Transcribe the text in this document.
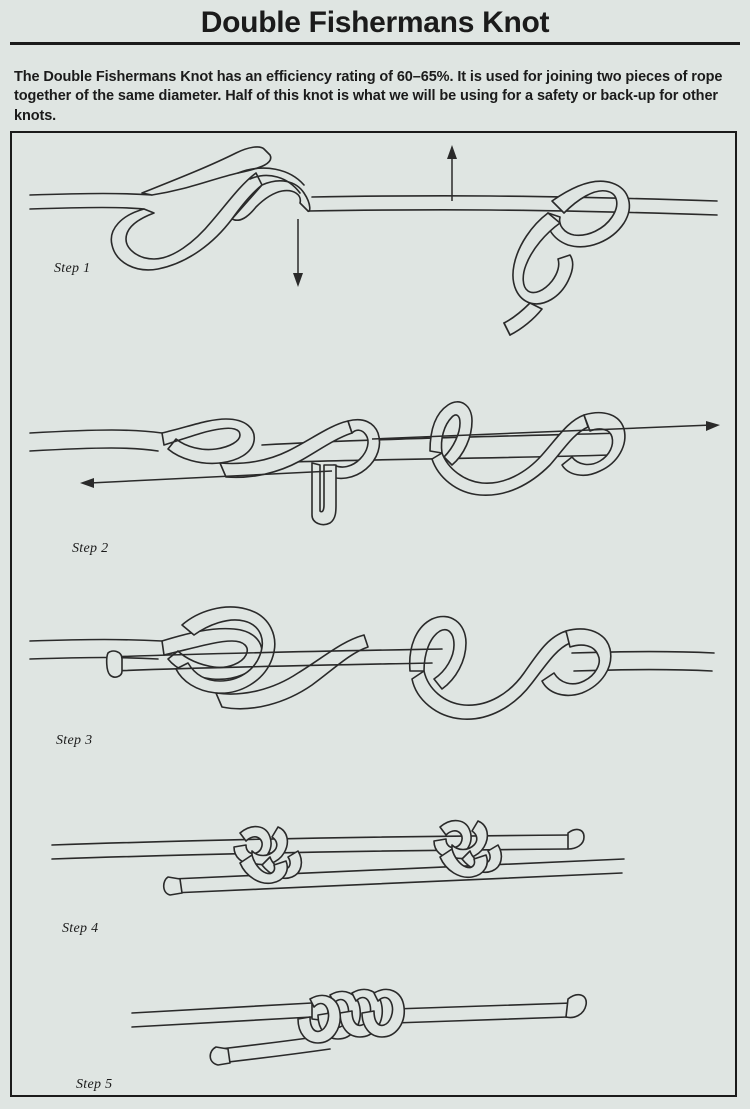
Double Fishermans Knot

The Double Fishermans Knot has an efficiency rating of 60–65%. It is used for joining two pieces of rope together of the same diameter. Half of this knot is what we will be using for a safety or back-up for other knots.

Step 1
Step 2
Step 3
Step 4
Step 5
